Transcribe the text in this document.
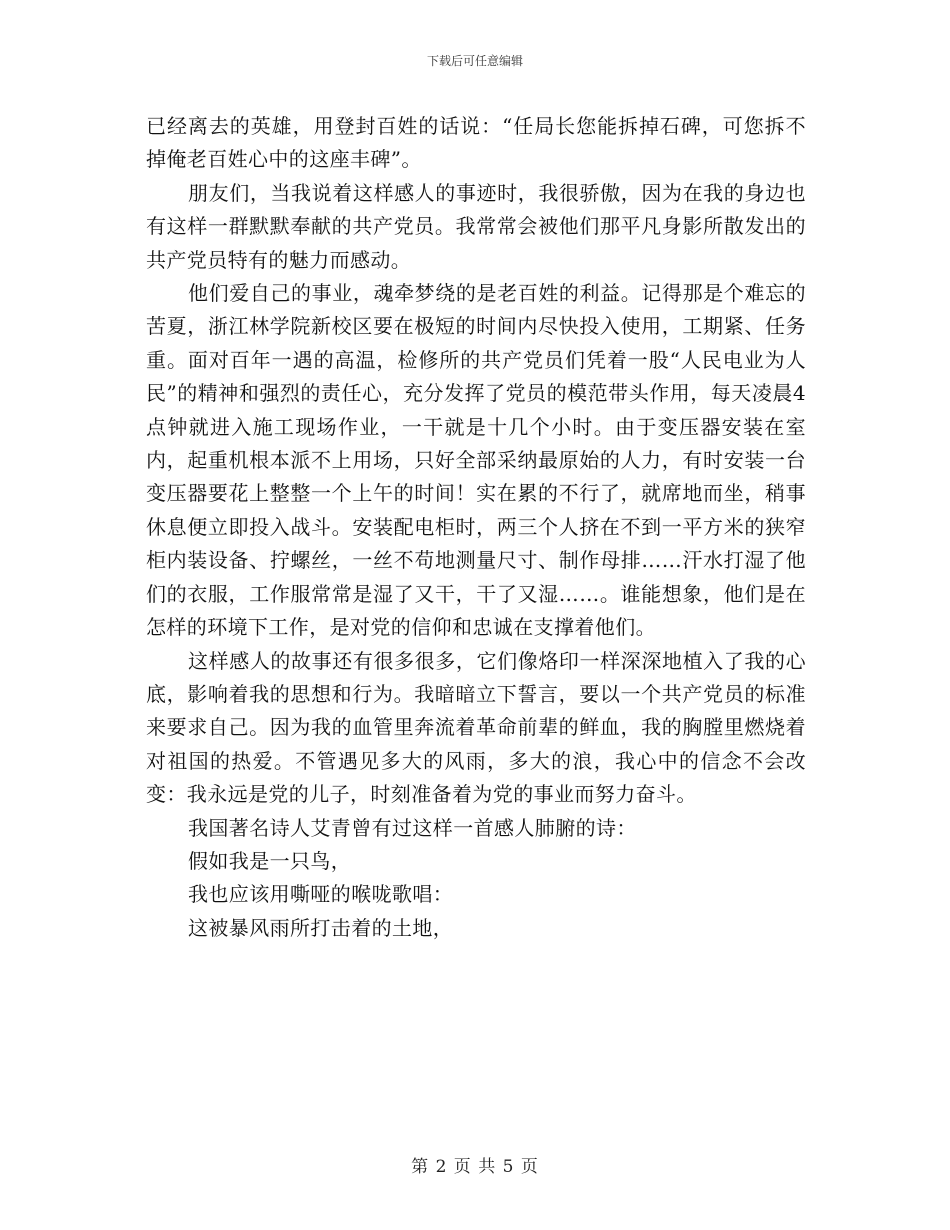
下载后可任意编辑

已经离去的英雄，用登封百姓的话说：“任局长您能拆掉石碑，可您拆不掉俺老百姓心中的这座丰碑”。

朋友们，当我说着这样感人的事迹时，我很骄傲，因为在我的身边也有这样一群默默奉献的共产党员。我常常会被他们那平凡身影所散发出的共产党员特有的魅力而感动。

他们爱自己的事业，魂牵梦绕的是老百姓的利益。记得那是个难忘的苦夏，浙江林学院新校区要在极短的时间内尽快投入使用，工期紧、任务重。面对百年一遇的高温，检修所的共产党员们凭着一股“人民电业为人民”的精神和强烈的责任心，充分发挥了党员的模范带头作用，每天凌晨4点钟就进入施工现场作业，一干就是十几个小时。由于变压器安装在室内，起重机根本派不上用场，只好全部采纳最原始的人力，有时安装一台变压器要花上整整一个上午的时间！实在累的不行了，就席地而坐，稍事休息便立即投入战斗。安装配电柜时，两三个人挤在不到一平方米的狭窄柜内装设备、拧螺丝，一丝不苟地测量尺寸、制作母排……汗水打湿了他们的衣服，工作服常常是湿了又干，干了又湿……。谁能想象，他们是在怎样的环境下工作，是对党的信仰和忠诚在支撑着他们。

这样感人的故事还有很多很多，它们像烙印一样深深地植入了我的心底，影响着我的思想和行为。我暗暗立下誓言，要以一个共产党员的标准来要求自己。因为我的血管里奔流着革命前辈的鲜血，我的胸膛里燃烧着对祖国的热爱。不管遇见多大的风雨，多大的浪，我心中的信念不会改变：我永远是党的儿子，时刻准备着为党的事业而努力奋斗。

我国著名诗人艾青曾有过这样一首感人肺腑的诗：

假如我是一只鸟，

我也应该用嘶哑的喉咙歌唱：

这被暴风雨所打击着的土地，

第 2 页 共 5 页
